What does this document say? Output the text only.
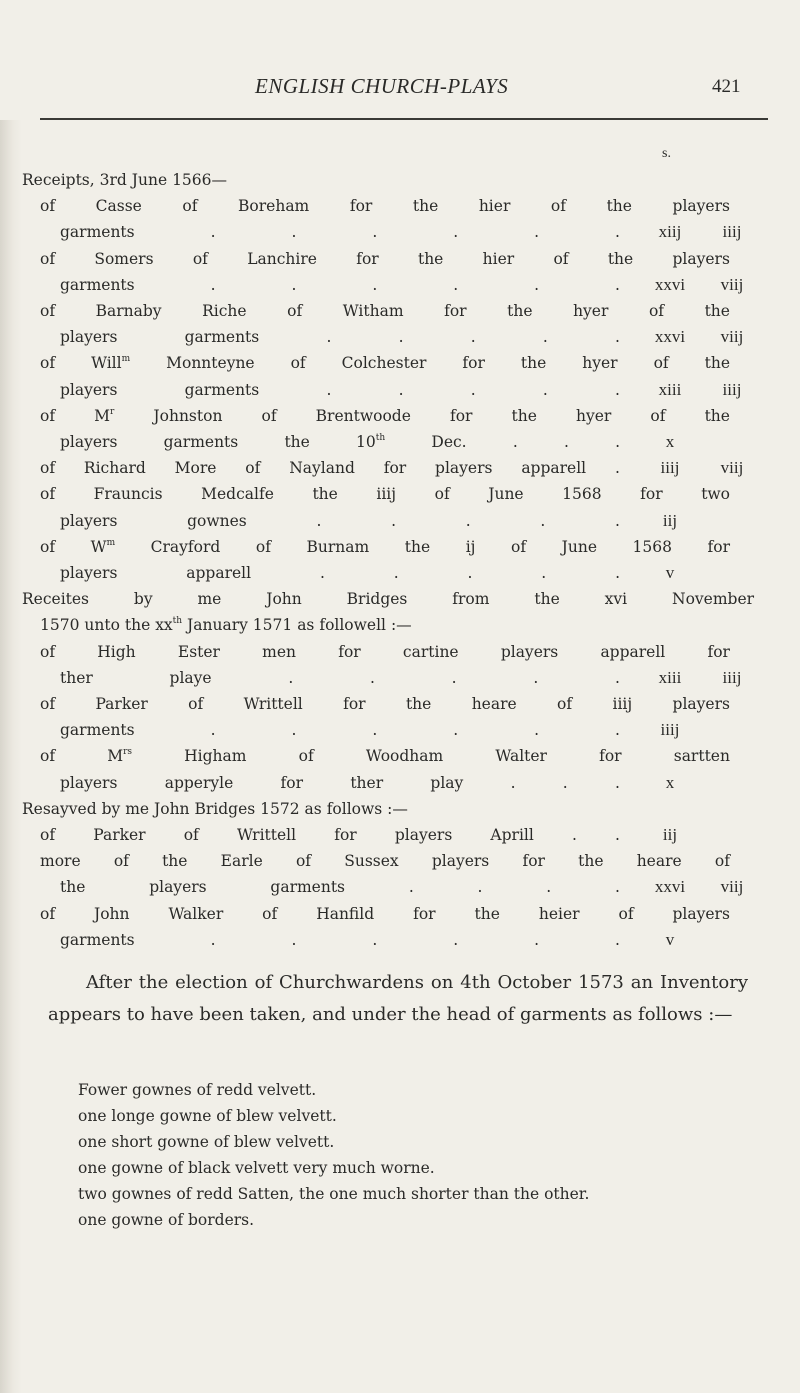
ENGLISH CHURCH-PLAYS	421
s.
Receipts, 3rd June 1566—
of	Casse	of	Boreham	for	the	hier	of	the	players
garments	.	.	.	.	.	.	xiij	iiij
of	Somers	of	Lanchire	for	the	hier	of	the	players
garments	.	.	.	.	.	.	xxvi	viij
of	Barnaby	Riche	of	Witham	for	the	hyer	of	the
players	garments	.	.	.	.	.	xxvi	viij
of Will$^m$ Monnteyne of Colchester for the hyer of the
players	garments	.	.	.	.	.	xiii	iiij
of	$M^r$	Johnston	of	Brentwoode	for	the	hyer	of	the
players	garments	the	10th	Dec.	.	.	.	x
of Richard More of Nayland for players apparell .	iiij	viij
of Frauncis Medcalfe the iiij of June 1568 for two
players	gownes	.	.	.	.	.	iij
of $W^m$ Crayford of Burnam the ij of June 1568 for
players	apparell	.	.	.	.	.	v
Receites	by	me	John	Bridges	from	the	xvi	November
1570 unto the $xx^{th}$ January 1571 as followell :—
of	High	Ester	men	for	cartine	players	apparell	for
ther	playe	.	.	.	.	.	xiii	iiij
of	Parker	of	Writtell	for	the	heare	of	iiij	players
garments	.	.	.	.	.	.	iiij
of	$M^{rs}$	Higham	of	Woodham	Walter	for	sartten
players	apperyle	for	ther	play	.	.	.	x
Resayved by me John Bridges 1572 as follows :—
of Parker of Writtell for players Aprill . .	iij
more of the Earle of Sussex players for the heare of
the	players	garments	.	.	.	.	xxvi	viij
of	John	Walker	of	Hanfild	for	the	heier	of	players
garments	.	.	.	.	.	.	v
After the election of Churchwardens on 4th October 1573 an Inventory appears to have been taken, and under the head of garments as follows :—
Fower gownes of redd velvett.
one longe gowne of blew velvett.
one short gowne of blew velvett.
one gowne of black velvett very much worne.
two gownes of redd Satten, the one much shorter than the other.
one gowne of borders.
